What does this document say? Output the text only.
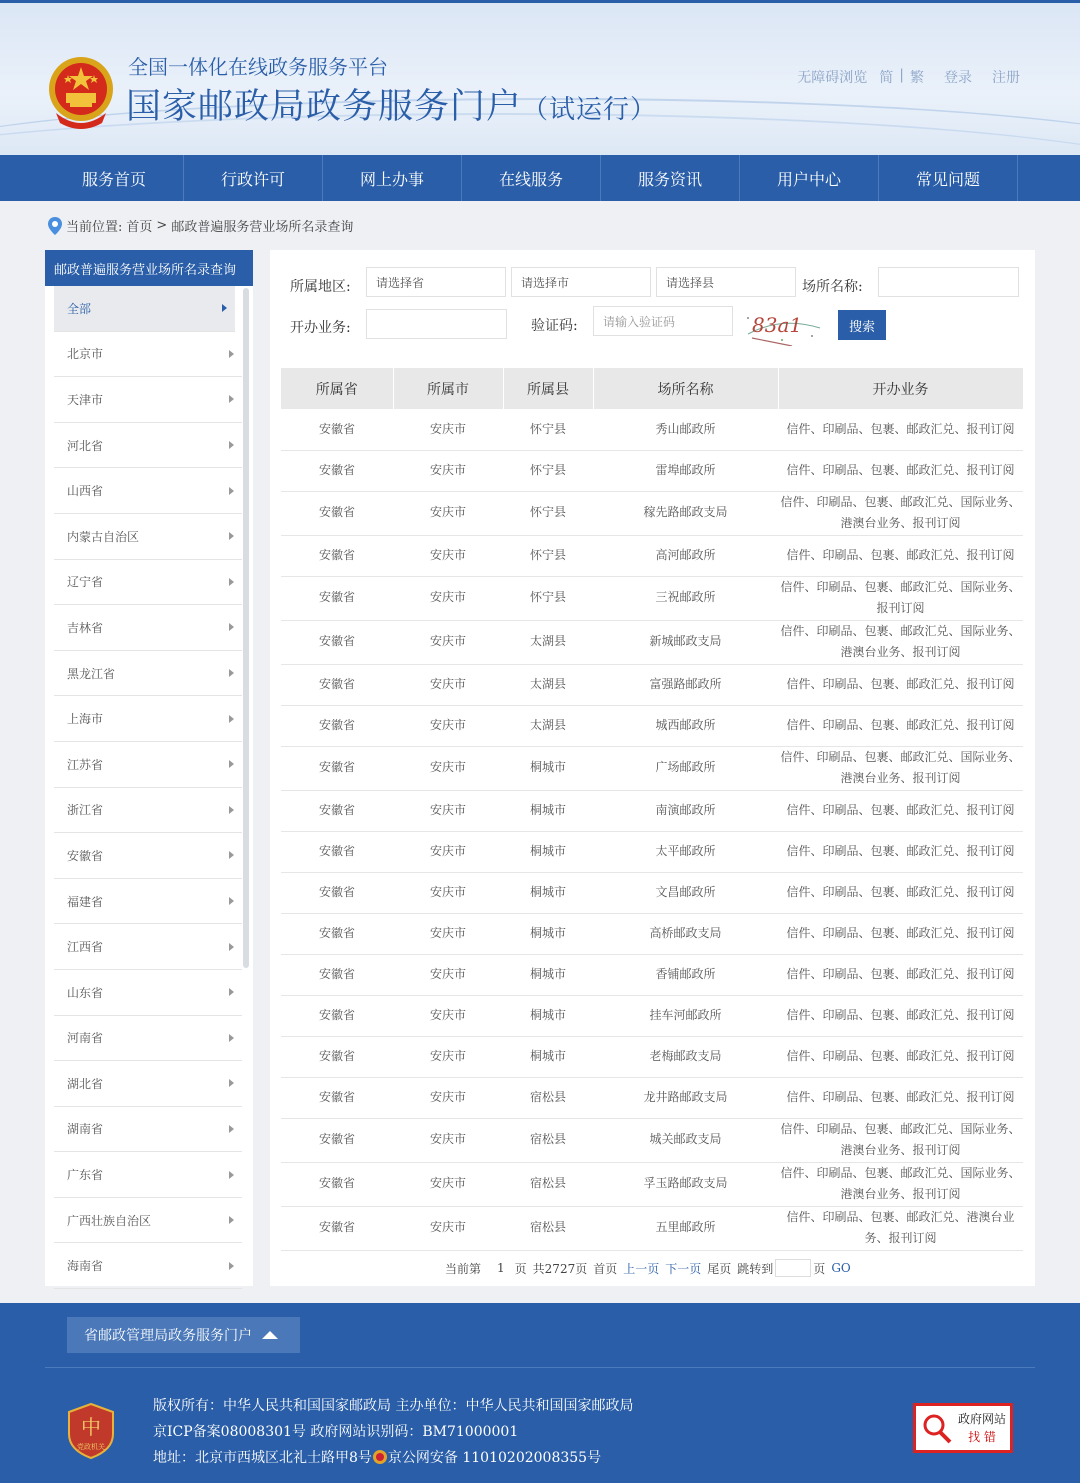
全国一体化在线政务服务平台
国家邮政局政务服务门户（试运行）
无障碍浏览 简 | 繁	登录	注册
服务首页	行政许可	网上办事	在线服务	服务资讯	用户中心	常见问题
当前位置: 首页 > 邮政普遍服务营业场所名录查询
邮政普遍服务营业场所名录查询
全部
北京市
天津市
河北省
山西省
内蒙古自治区
辽宁省
吉林省
黑龙江省
上海市
江苏省
浙江省
安徽省
福建省
江西省
山东省
河南省
湖北省
湖南省
广东省
广西壮族自治区
海南省
所属地区:	请选择省	请选择市	请选择县	场所名称:
开办业务:	验证码:	请输入验证码	83a1	搜索
所属省	所属市	所属县	场所名称	开办业务
安徽省	安庆市	怀宁县	秀山邮政所	信件、印刷品、包裹、邮政汇兑、报刊订阅
安徽省	安庆市	怀宁县	雷埠邮政所	信件、印刷品、包裹、邮政汇兑、报刊订阅
安徽省	安庆市	怀宁县	稼先路邮政支局	信件、印刷品、包裹、邮政汇兑、国际业务、港澳台业务、报刊订阅
安徽省	安庆市	怀宁县	高河邮政所	信件、印刷品、包裹、邮政汇兑、报刊订阅
安徽省	安庆市	怀宁县	三祝邮政所	信件、印刷品、包裹、邮政汇兑、国际业务、报刊订阅
安徽省	安庆市	太湖县	新城邮政支局	信件、印刷品、包裹、邮政汇兑、国际业务、港澳台业务、报刊订阅
安徽省	安庆市	太湖县	富强路邮政所	信件、印刷品、包裹、邮政汇兑、报刊订阅
安徽省	安庆市	太湖县	城西邮政所	信件、印刷品、包裹、邮政汇兑、报刊订阅
安徽省	安庆市	桐城市	广场邮政所	信件、印刷品、包裹、邮政汇兑、国际业务、港澳台业务、报刊订阅
安徽省	安庆市	桐城市	南演邮政所	信件、印刷品、包裹、邮政汇兑、报刊订阅
安徽省	安庆市	桐城市	太平邮政所	信件、印刷品、包裹、邮政汇兑、报刊订阅
安徽省	安庆市	桐城市	文昌邮政所	信件、印刷品、包裹、邮政汇兑、报刊订阅
安徽省	安庆市	桐城市	高桥邮政支局	信件、印刷品、包裹、邮政汇兑、报刊订阅
安徽省	安庆市	桐城市	香铺邮政所	信件、印刷品、包裹、邮政汇兑、报刊订阅
安徽省	安庆市	桐城市	挂车河邮政所	信件、印刷品、包裹、邮政汇兑、报刊订阅
安徽省	安庆市	桐城市	老梅邮政支局	信件、印刷品、包裹、邮政汇兑、报刊订阅
安徽省	安庆市	宿松县	龙井路邮政支局	信件、印刷品、包裹、邮政汇兑、报刊订阅
安徽省	安庆市	宿松县	城关邮政支局	信件、印刷品、包裹、邮政汇兑、国际业务、港澳台业务、报刊订阅
安徽省	安庆市	宿松县	孚玉路邮政支局	信件、印刷品、包裹、邮政汇兑、国际业务、港澳台业务、报刊订阅
安徽省	安庆市	宿松县	五里邮政所	信件、印刷品、包裹、邮政汇兑、港澳台业务、报刊订阅
当前第 1 页 共2727页 首页 上一页 下一页 尾页 跳转到	页 GO
省邮政管理局政务服务门户
中
党政机关
版权所有：中华人民共和国国家邮政局 主办单位：中华人民共和国国家邮政局
京ICP备案08008301号 政府网站识别码：BM71000001
地址：北京市西城区北礼士路甲8号 京公网安备 11010202008355号
政府网站
找 错
